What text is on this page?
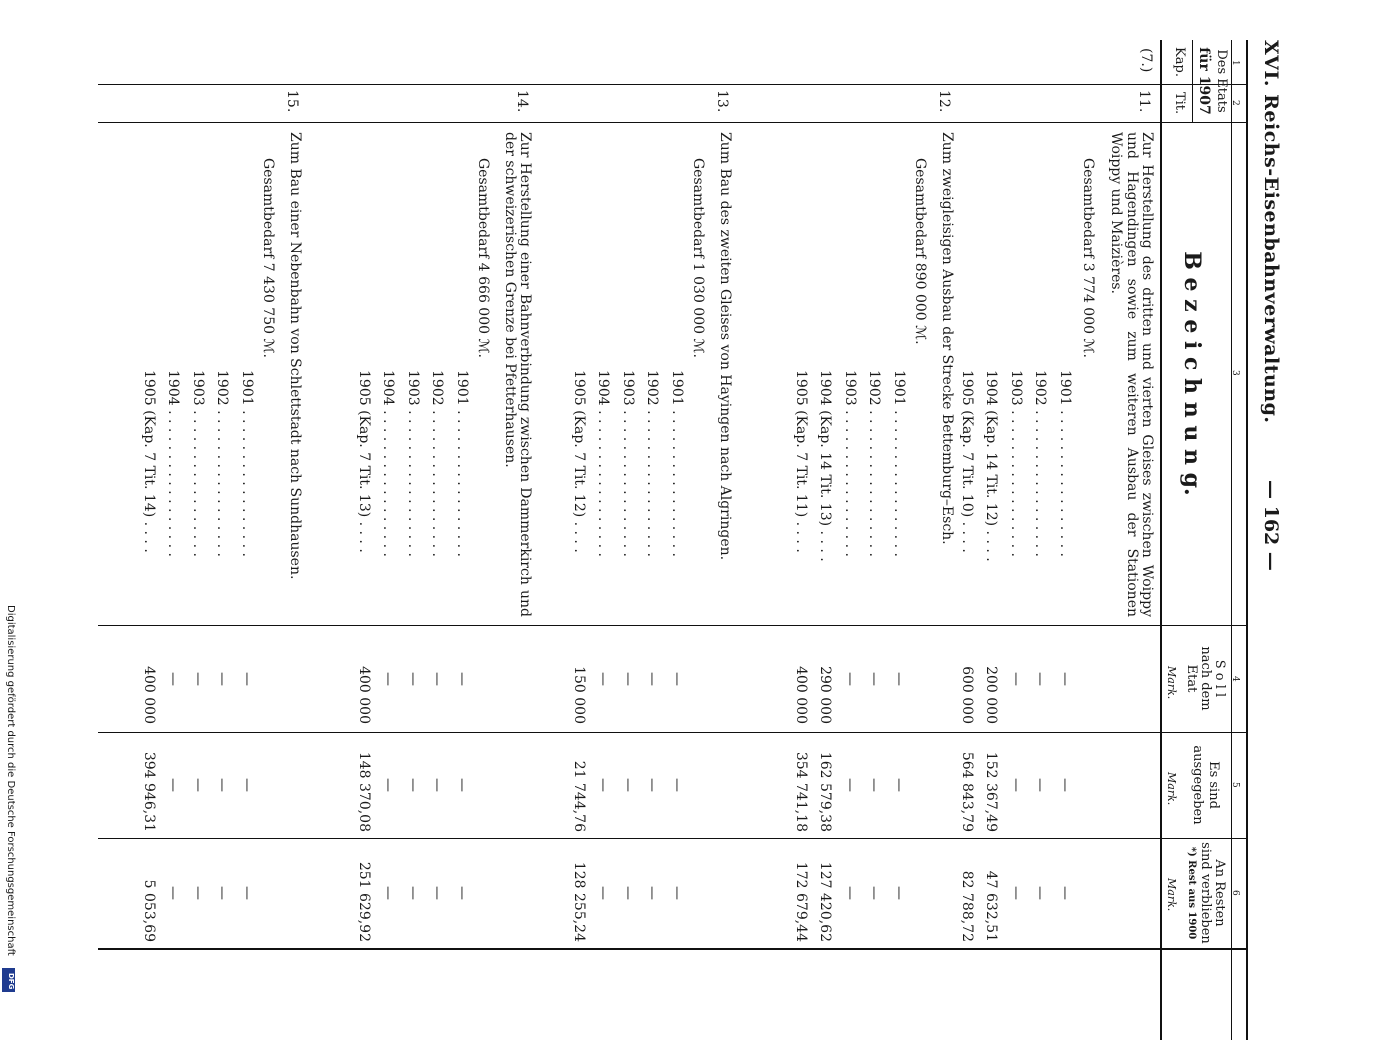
XVI. Reichs-Eisenbahnverwaltung.
— 162 —
1
2
3
4
5
6
Des Etats
für 1907
Kap.
Tit.
B e z e i c h n u n g.
S o l l
nach dem
Etat
Mark.
Es sind
ausgegeben
Mark.
An Resten
sind verblieben
*) Rest aus 1900
Mark.
(7.)
11.
Zur Herstellung des dritten und vierten Gleises zwischen Woippy und Hagendingen sowie zum weiteren Ausbau der Stationen Woippy und Maizières.
Gesamtbedarf 3 774 000 ℳ.
1901 . . . . . . . . . . . . . . . . .
—
—
—
1902 . . . . . . . . . . . . . . . . .
—
—
—
1903 . . . . . . . . . . . . . . . . .
—
—
—
1904 (Kap. 14 Tit. 12) . . . .
200 000
152 367,49
47 632,51
1905 (Kap. 7 Tit. 10) . . . .
600 000
564 843,79
82 788,72
12.
Zum zweigleisigen Ausbau der Strecke Bettemburg–Esch.
Gesamtbedarf 890 000 ℳ.
1901 . . . . . . . . . . . . . . . . .
—
—
—
1902 . . . . . . . . . . . . . . . . .
—
—
—
1903 . . . . . . . . . . . . . . . . .
—
—
—
1904 (Kap. 14 Tit. 13) . . . .
290 000
162 579,38
127 420,62
1905 (Kap. 7 Tit. 11) . . . .
400 000
354 741,18
172 679,44
13.
Zum Bau des zweiten Gleises von Hayingen nach Algringen.
Gesamtbedarf 1 030 000 ℳ.
1901 . . . . . . . . . . . . . . . . .
—
—
—
1902 . . . . . . . . . . . . . . . . .
—
—
—
1903 . . . . . . . . . . . . . . . . .
—
—
—
1904 . . . . . . . . . . . . . . . . .
—
—
—
1905 (Kap. 7 Tit. 12) . . . .
150 000
21 744,76
128 255,24
14.
Zur Herstellung einer Bahnverbindung zwischen Dammerkirch und der schweizerischen Grenze bei Pfetterhausen.
Gesamtbedarf 4 666 000 ℳ.
1901 . . . . . . . . . . . . . . . . .
—
—
—
1902 . . . . . . . . . . . . . . . . .
—
—
—
1903 . . . . . . . . . . . . . . . . .
—
—
—
1904 . . . . . . . . . . . . . . . . .
—
—
—
1905 (Kap. 7 Tit. 13) . . . .
400 000
148 370,08
251 629,92
15.
Zum Bau einer Nebenbahn von Schlettstadt nach Sundhausen.
Gesamtbedarf 7 430 750 ℳ.
1901 . . . . . . . . . . . . . . . . .
—
—
—
1902 . . . . . . . . . . . . . . . . .
—
—
—
1903 . . . . . . . . . . . . . . . . .
—
—
—
1904 . . . . . . . . . . . . . . . . .
—
—
—
1905 (Kap. 7 Tit. 14) . . . .
400 000
394 946,31
5 053,69
Digitalisierung gefördert durch die Deutsche Forschungsgemeinschaft
DFG
